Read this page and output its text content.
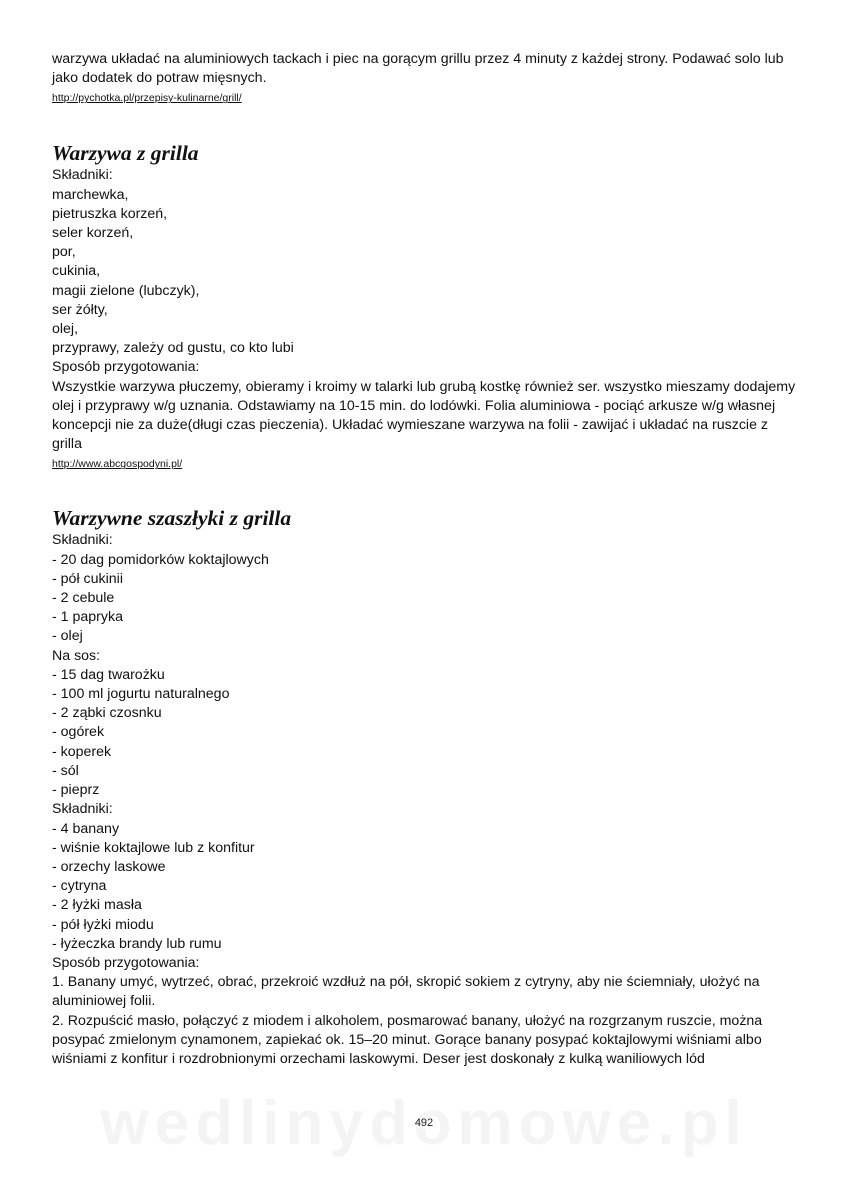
warzywa układać na aluminiowych tackach i piec na gorącym grillu przez 4 minuty z każdej strony. Podawać solo lub jako dodatek do potraw mięsnych.

http://pychotka.pl/przepisy-kulinarne/grill/
Warzywa z grilla

Składniki:

marchewka,

pietruszka korzeń,

seler korzeń,

por,

cukinia,

magii zielone (lubczyk),

ser żółty,

olej,

przyprawy, zależy od gustu, co kto lubi

Sposób przygotowania:

Wszystkie warzywa płuczemy, obieramy i kroimy w talarki lub grubą kostkę również ser. wszystko mieszamy dodajemy olej i przyprawy w/g uznania. Odstawiamy na 10-15 min. do lodówki. Folia aluminiowa - pociąć arkusze w/g własnej koncepcji nie za duże(długi czas pieczenia). Układać wymieszane warzywa na folii - zawijać i układać na ruszcie z grilla

http://www.abcgospodyni.pl/
Warzywne szaszłyki z grilla

Składniki:

- 20 dag pomidorków koktajlowych

- pół cukinii

- 2 cebule

- 1 papryka

- olej

Na sos:

- 15 dag twarożku

- 100 ml jogurtu naturalnego

- 2 ząbki czosnku

- ogórek

- koperek

- sól

- pieprz

Składniki:

- 4 banany

- wiśnie koktajlowe lub z konfitur

- orzechy laskowe

- cytryna

- 2 łyżki masła

- pół łyżki miodu

- łyżeczka brandy lub rumu

Sposób przygotowania:

1. Banany umyć, wytrzeć, obrać, przekroić wzdłuż na pół, skropić sokiem z cytryny, aby nie ściemniały, ułożyć na aluminiowej folii.

2. Rozpuścić masło, połączyć z miodem i alkoholem, posmarować banany, ułożyć na rozgrzanym ruszcie, można posypać zmielonym cynamonem, zapiekać ok. 15–20 minut. Gorące banany posypać koktajlowymi wiśniami albo wiśniami z konfitur i rozdrobnionymi orzechami laskowymi. Deser jest doskonały z kulką waniliowych lód

492
